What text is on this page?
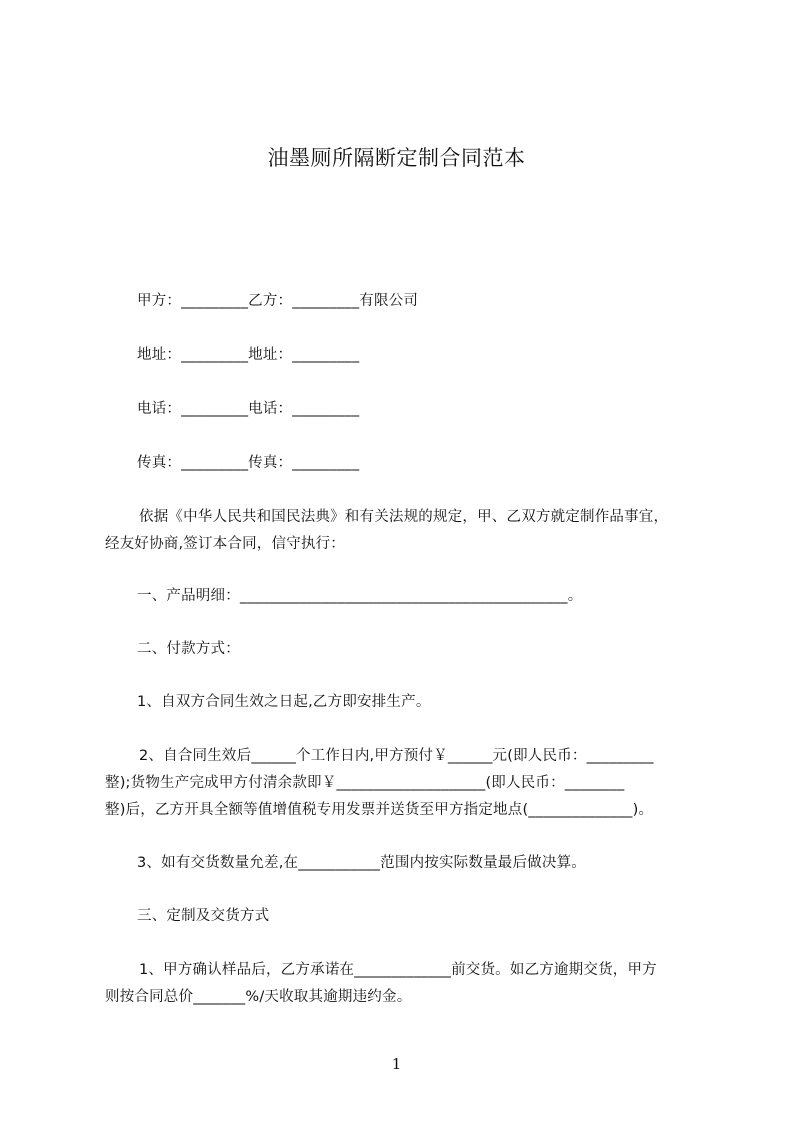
油墨厕所隔断定制合同范本
甲方：_________乙方：_________有限公司
地址：_________地址：_________
电话：_________电话：_________
传真：_________传真：_________
依据《中华人民共和国民法典》和有关法规的规定，甲、乙双方就定制作品事宜，
经友好协商,签订本合同，信守执行：
一、产品明细：____________________________________________。
二、付款方式：
1、自双方合同生效之日起,乙方即安排生产。
2、自合同生效后______个工作日内,甲方预付￥______元(即人民币：_________
整);货物生产完成甲方付清余款即￥____________________(即人民币：________
整)后，乙方开具全额等值增值税专用发票并送货至甲方指定地点(______________)。
3、如有交货数量允差,在___________范围内按实际数量最后做决算。
三、定制及交货方式
1、甲方确认样品后，乙方承诺在_____________前交货。如乙方逾期交货，甲方
则按合同总价_______%/天收取其逾期违约金。
1
